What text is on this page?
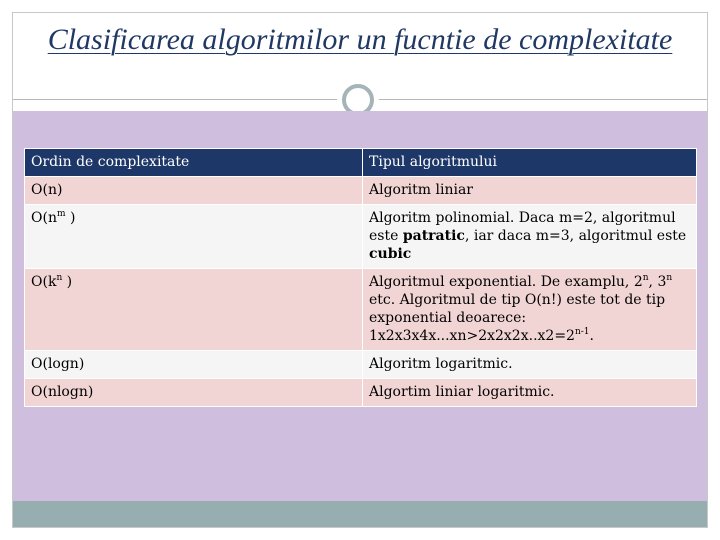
Clasificarea algoritmilor un fucntie de complexitate
Ordin de complexitate	Tipul algoritmului
O(n)	Algoritm liniar
$O(n^m$ )	Algoritm polinomial. Daca m=2, algoritmul este patratic, iar daca m=3, algoritmul este cubic
$O(k^n$ )	Algoritmul exponential. De examplu, 2$^n$, 3$^n$ etc. Algoritmul de tip O(n!) este tot de tip exponential deoarece: $1x2x3x4x...xn>2x2x2x..x2=2^{n-1}$.
O(logn)	Algoritm logaritmic.
O(nlogn)	Algortim liniar logaritmic.
